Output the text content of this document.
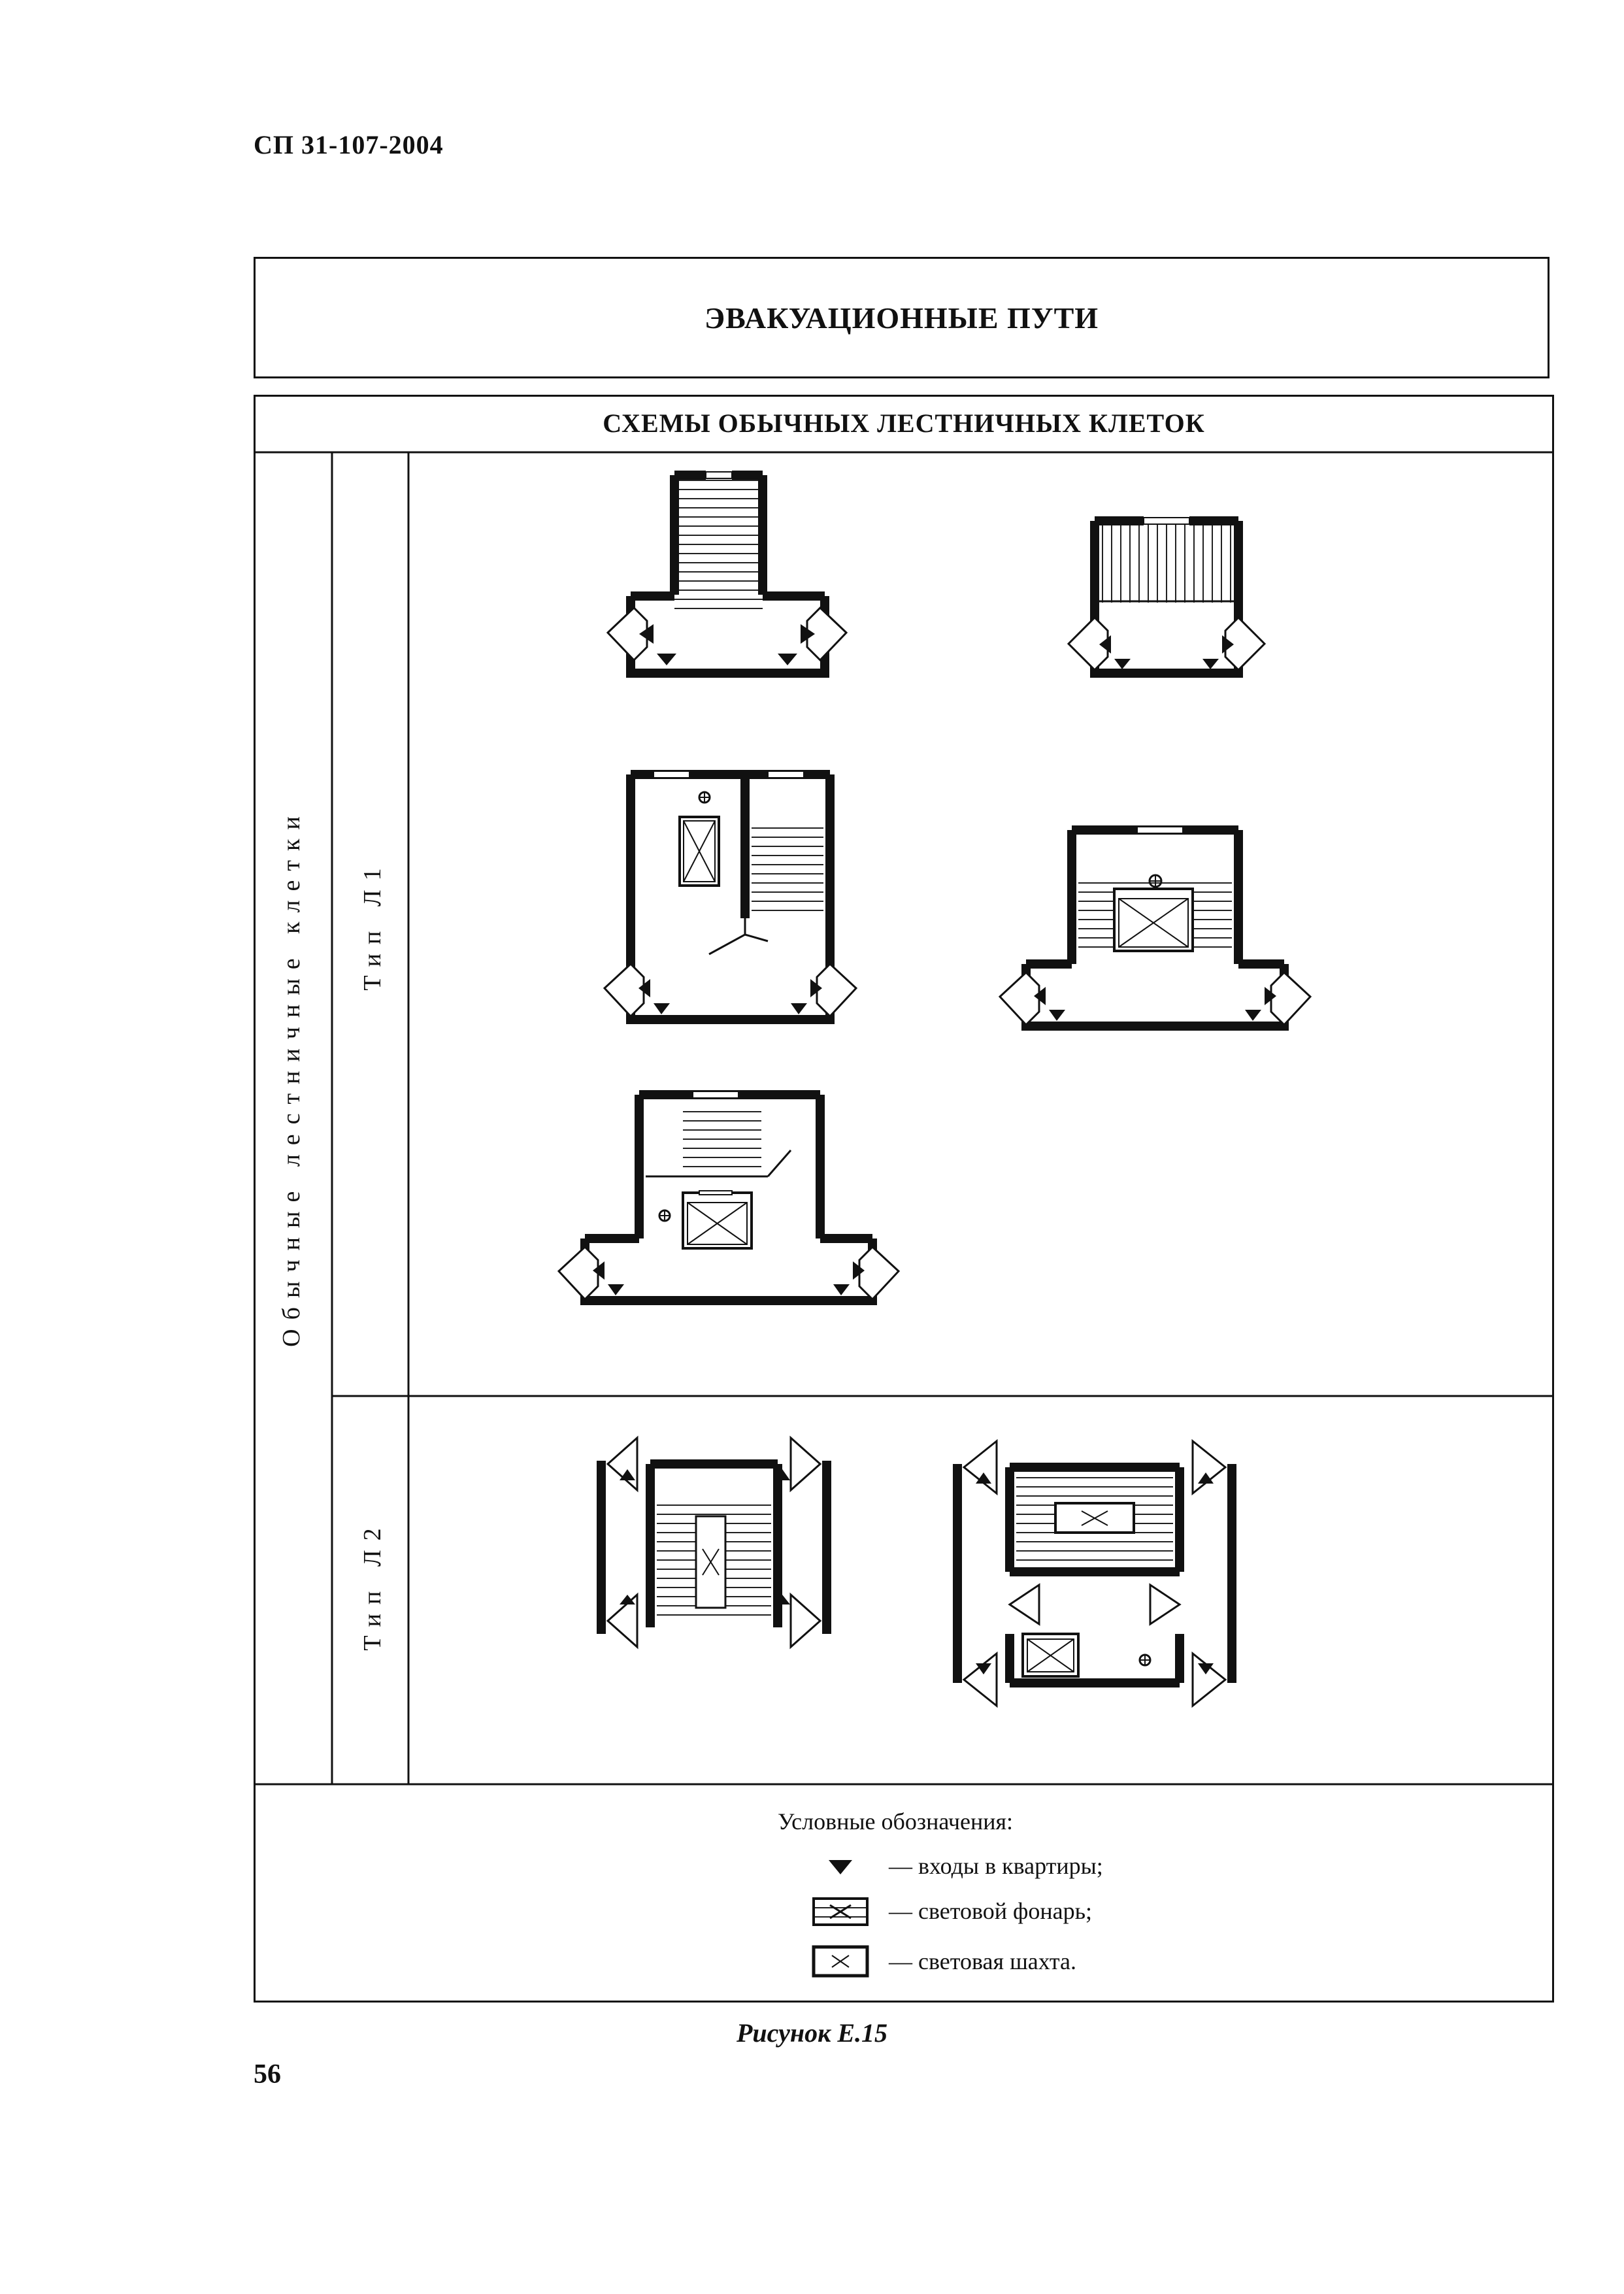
СП 31-107-2004
ЭВАКУАЦИОННЫЕ ПУТИ
СХЕМЫ ОБЫЧНЫХ ЛЕСТНИЧНЫХ КЛЕТОК
Обычные лестничные клетки Тип Л1
Тип Л2
Условные обозначения:
— входы в квартиры;
— световой фонарь;
— световая шахта.
Рисунок Е.15
56
